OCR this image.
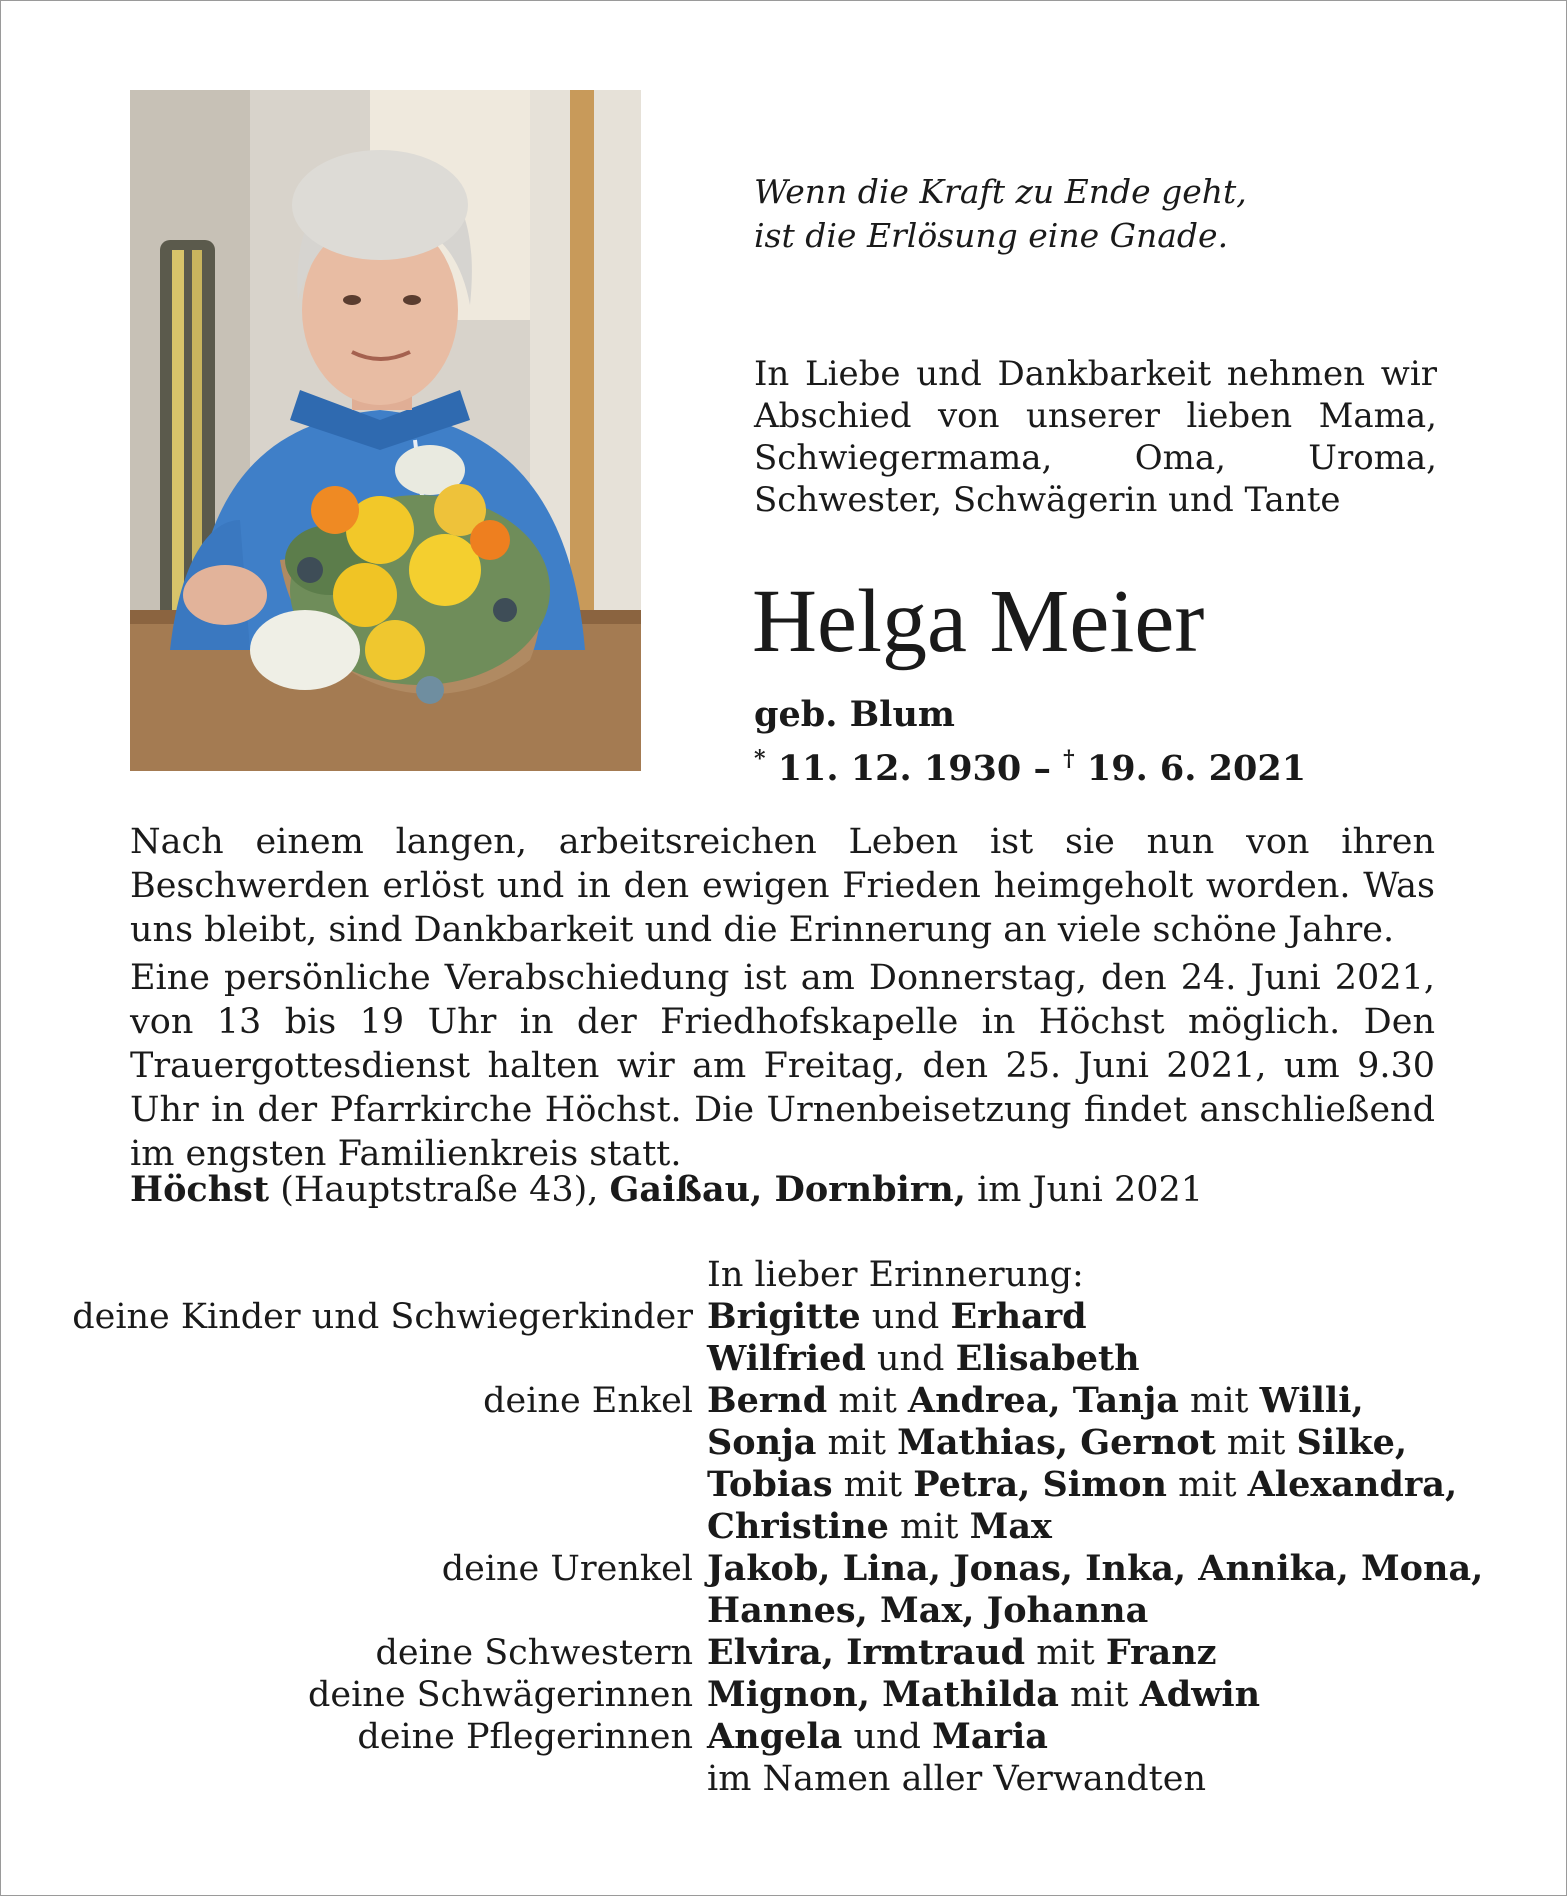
Wenn die Kraft zu Ende geht,
ist die Erlösung eine Gnade.
In Liebe und Dankbarkeit nehmen wir Abschied von unserer lieben Mama, Schwiegermama, Oma, Uroma, Schwester, Schwägerin und Tante
Helga Meier
geb. Blum
* 11. 12. 1930 – † 19. 6. 2021
Nach einem langen, arbeitsreichen Leben ist sie nun von ihren Beschwerden erlöst und in den ewigen Frieden heimgeholt worden. Was uns bleibt, sind Dankbarkeit und die Erinnerung an viele schöne Jahre.
Eine persönliche Verabschiedung ist am Donnerstag, den 24. Juni 2021, von 13 bis 19 Uhr in der Friedhofskapelle in Höchst möglich. Den Trauergottesdienst halten wir am Freitag, den 25. Juni 2021, um 9.30 Uhr in der Pfarrkirche Höchst. Die Urnenbeisetzung findet anschließend im engsten Familienkreis statt.
Höchst (Hauptstraße 43), Gaißau, Dornbirn, im Juni 2021
In lieber Erinnerung:
deine Kinder und Schwiegerkinder Brigitte und Erhard
Wilfried und Elisabeth
deine Enkel Bernd mit Andrea, Tanja mit Willi,
Sonja mit Mathias, Gernot mit Silke,
Tobias mit Petra, Simon mit Alexandra,
Christine mit Max
deine Urenkel Jakob, Lina, Jonas, Inka, Annika, Mona,
Hannes, Max, Johanna
deine Schwestern Elvira, Irmtraud mit Franz
deine Schwägerinnen Mignon, Mathilda mit Adwin
deine Pflegerinnen Angela und Maria
im Namen aller Verwandten
